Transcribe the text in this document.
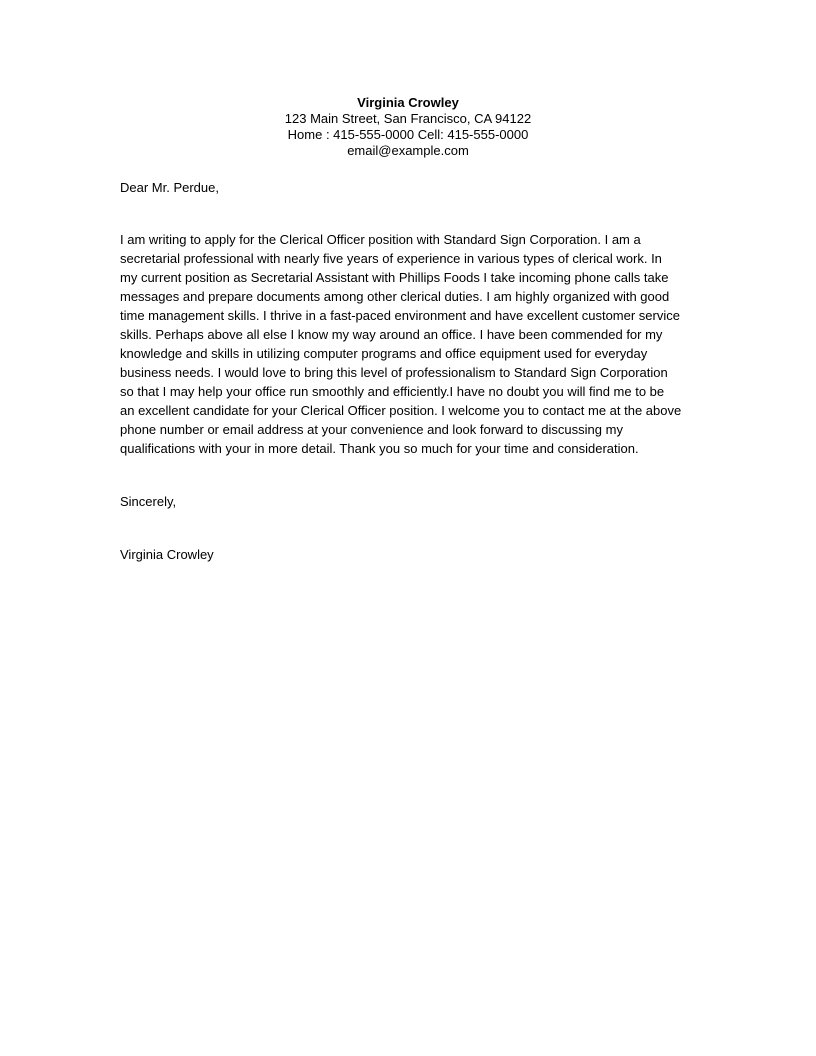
Virginia Crowley
123 Main Street, San Francisco, CA 94122
Home : 415-555-0000 Cell: 415-555-0000
email@example.com
Dear Mr. Perdue,
I am writing to apply for the Clerical Officer position with Standard Sign Corporation. I am a
secretarial professional with nearly five years of experience in various types of clerical work. In
my current position as Secretarial Assistant with Phillips Foods I take incoming phone calls take
messages and prepare documents among other clerical duties. I am highly organized with good
time management skills. I thrive in a fast-paced environment and have excellent customer service
skills. Perhaps above all else I know my way around an office. I have been commended for my
knowledge and skills in utilizing computer programs and office equipment used for everyday
business needs. I would love to bring this level of professionalism to Standard Sign Corporation
so that I may help your office run smoothly and efficiently.I have no doubt you will find me to be
an excellent candidate for your Clerical Officer position. I welcome you to contact me at the above
phone number or email address at your convenience and look forward to discussing my
qualifications with your in more detail. Thank you so much for your time and consideration.
Sincerely,
Virginia Crowley
